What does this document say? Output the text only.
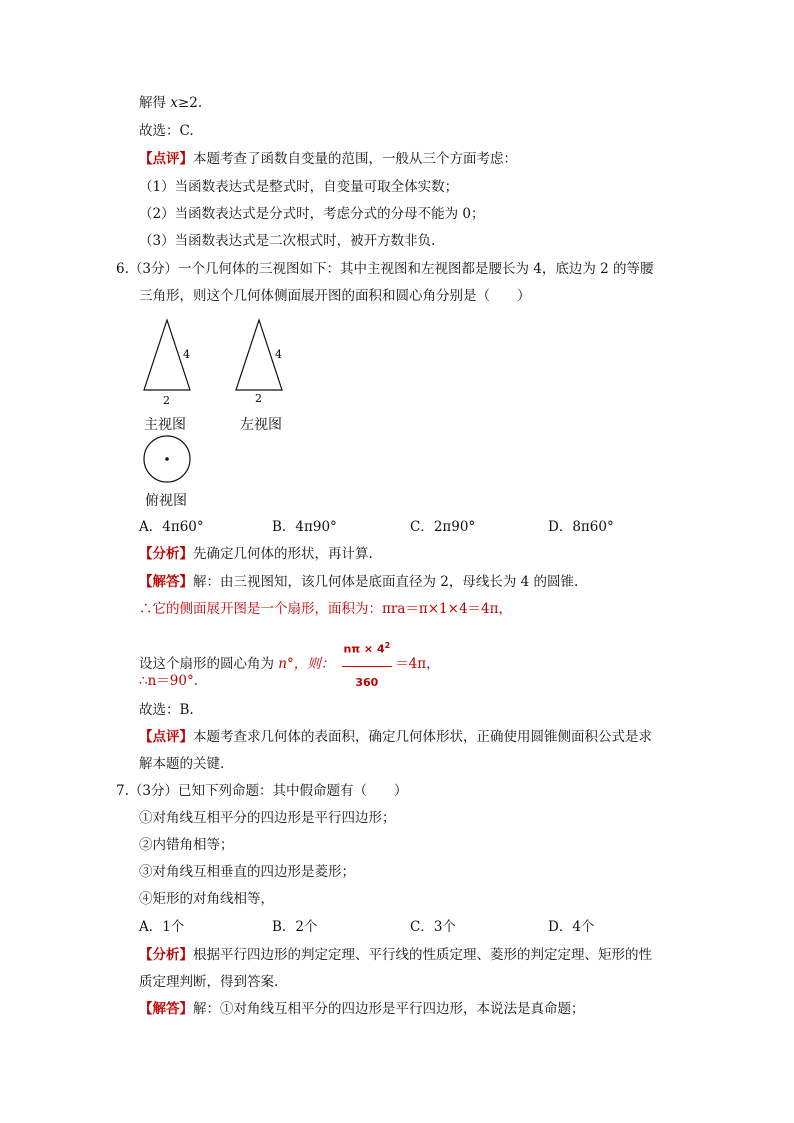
解得 x≥2.
故选：C.
【点评】本题考查了函数自变量的范围，一般从三个方面考虑：
（1）当函数表达式是整式时，自变量可取全体实数；
（2）当函数表达式是分式时，考虑分式的分母不能为 0；
（3）当函数表达式是二次根式时，被开方数非负.
6.（3分）一个几何体的三视图如下：其中主视图和左视图都是腰长为 4，底边为 2 的等腰
三角形，则这个几何体侧面展开图的面积和圆心角分别是（　　）
4
2
主视图
4
2
左视图
俯视图
A．4π60°	B．4π90°	C．2π90°	D．8π60°
【分析】先确定几何体的形状，再计算.
【解答】解：由三视图知，该几何体是底面直径为 2，母线长为 4 的圆锥.
∴它的侧面展开图是一个扇形，面积为：πra＝π×1×4＝4π，
设这个扇形的圆心角为 n°，则： $\frac{n\pi \times 4^2}{360} =4\pi$，
∴n＝90°.
故选：B.
【点评】本题考查求几何体的表面积，确定几何体形状，正确使用圆锥侧面积公式是求
解本题的关键.
7.（3分）已知下列命题：其中假命题有（　　）
①对角线互相平分的四边形是平行四边形；
②内错角相等；
③对角线互相垂直的四边形是菱形；
④矩形的对角线相等，
A．1个	B．2个	C．3个	D．4个
【分析】根据平行四边形的判定定理、平行线的性质定理、菱形的判定定理、矩形的性
质定理判断，得到答案.
【解答】解：①对角线互相平分的四边形是平行四边形，本说法是真命题；
